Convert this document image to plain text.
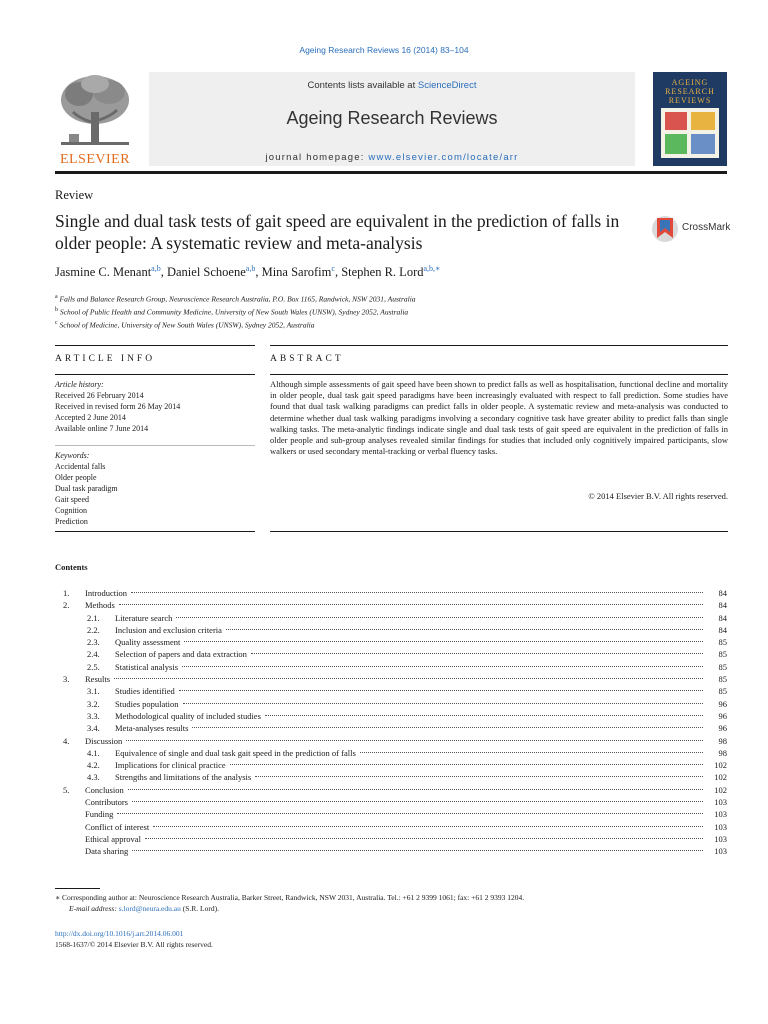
Ageing Research Reviews 16 (2014) 83–104
ELSEVIER
Contents lists available at ScienceDirect
Ageing Research Reviews
journal homepage: www.elsevier.com/locate/arr
AGEING
RESEARCH
REVIEWS
Review
Single and dual task tests of gait speed are equivalent in the prediction of falls in older people: A systematic review and meta-analysis
CrossMark
Jasmine C. Menant$^{a,b}$, Daniel Schoene$^{a,b}$, Mina Sarofim$^c$, Stephen R. Lord$^{a,b,∗}$
$^a$ Falls and Balance Research Group, Neuroscience Research Australia, P.O. Box 1165, Randwick, NSW 2031, Australia
$^b$ School of Public Health and Community Medicine, University of New South Wales (UNSW), Sydney 2052, Australia
$^c$ School of Medicine, University of New South Wales (UNSW), Sydney 2052, Australia
ARTICLE INFO	ABSTRACT
Article history:
Received 26 February 2014
Received in revised form 26 May 2014
Accepted 2 June 2014
Available online 7 June 2014
Keywords:
Accidental falls
Older people
Dual task paradigm
Gait speed
Cognition
Prediction
Although simple assessments of gait speed have been shown to predict falls as well as hospitalisation, functional decline and mortality in older people, dual task gait speed paradigms have been increasingly evaluated with respect to fall prediction. Some studies have found that dual task walking paradigms can predict falls in older people. A systematic review and meta-analysis was conducted to determine whether dual task walking paradigms involving a secondary cognitive task have greater ability to predict falls than single walking tasks. The meta-analytic findings indicate single and dual task tests of gait speed are equivalent in the prediction of falls in older people and sub-group analyses revealed similar findings for studies that included only cognitively impaired participants, slow walkers or used secondary mental-tracking or verbal fluency tasks.
© 2014 Elsevier B.V. All rights reserved.
Contents
1.	Introduction	84
2.	Methods	84
2.1.	Literature search	84
2.2.	Inclusion and exclusion criteria	84
2.3.	Quality assessment	85
2.4.	Selection of papers and data extraction	85
2.5.	Statistical analysis	85
3.	Results	85
3.1.	Studies identified	85
3.2.	Studies population	96
3.3.	Methodological quality of included studies	96
3.4.	Meta-analyses results	96
4.	Discussion	98
4.1.	Equivalence of single and dual task gait speed in the prediction of falls	98
4.2.	Implications for clinical practice	102
4.3.	Strengths and limitations of the analysis	102
5.	Conclusion	102
Contributors	103
Funding	103
Conflict of interest	103
Ethical approval	103
Data sharing	103
∗ Corresponding author at: Neuroscience Research Australia, Barker Street, Randwick, NSW 2031, Australia. Tel.: +61 2 9399 1061; fax: +61 2 9393 1204.
E-mail address: s.lord@neura.edu.au (S.R. Lord).
http://dx.doi.org/10.1016/j.arr.2014.06.001
1568-1637/© 2014 Elsevier B.V. All rights reserved.
